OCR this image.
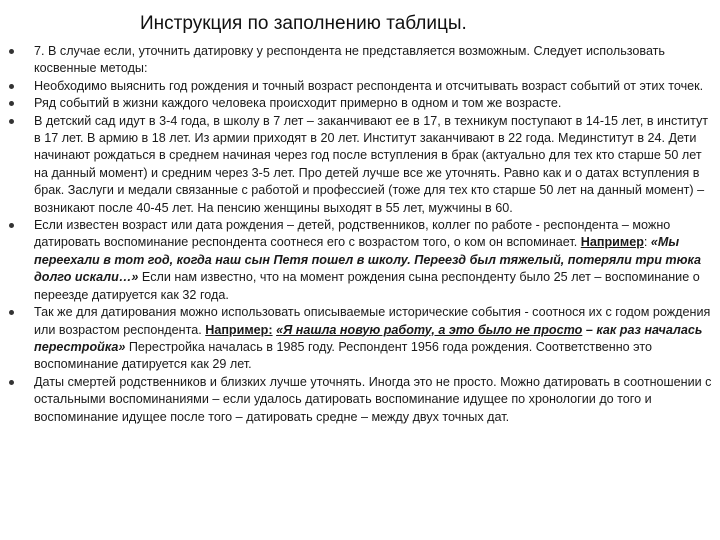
Инструкция по заполнению таблицы.
7. В случае если, уточнить датировку у респондента не представляется возможным. Следует использовать косвенные методы:
Необходимо выяснить год рождения и точный возраст респондента и отсчитывать возраст событий от этих точек.
Ряд событий в жизни каждого человека происходит примерно в одном и том же возрасте.
В детский сад идут в 3-4 года, в школу в 7 лет – заканчивают ее в 17, в техникум поступают в 14-15 лет, в институт в 17 лет. В армию в 18 лет. Из армии приходят в 20 лет. Институт заканчивают в 22 года. Мединститут в 24. Дети начинают рождаться в среднем начиная через год после вступления в брак (актуально для тех кто старше 50 лет на данный момент) и средним через 3-5 лет. Про детей лучше все же уточнять. Равно как и о датах вступления в брак. Заслуги и медали связанные с работой и профессией (тоже для тех кто старше 50 лет на данный момент) – возникают после 40-45 лет. На пенсию женщины выходят в 55 лет, мужчины в 60.
Если известен возраст или дата рождения – детей, родственников, коллег по работе - респондента – можно датировать воспоминание респондента соотнеся его с возрастом того, о ком он вспоминает. Например: «Мы переехали в тот год, когда наш сын Петя пошел в школу. Переезд был тяжелый, потеряли три тюка долго искали…» Если нам известно, что на момент рождения сына респонденту было 25 лет – воспоминание о переезде датируется как 32 года.
Так же для датирования можно использовать описываемые исторические события - соотнося их с годом рождения или возрастом респондента. Например: «Я нашла новую работу, а это было не просто – как раз началась перестройка» Перестройка началась в 1985 году. Респондент 1956 года рождения. Соответственно это воспоминание датируется как 29 лет.
Даты смертей родственников и близких лучше уточнять. Иногда это не просто. Можно датировать в соотношении с остальными воспоминаниями – если удалось датировать воспоминание идущее по хронологии до того и воспоминание идущее после того – датировать средне – между двух точных дат.
